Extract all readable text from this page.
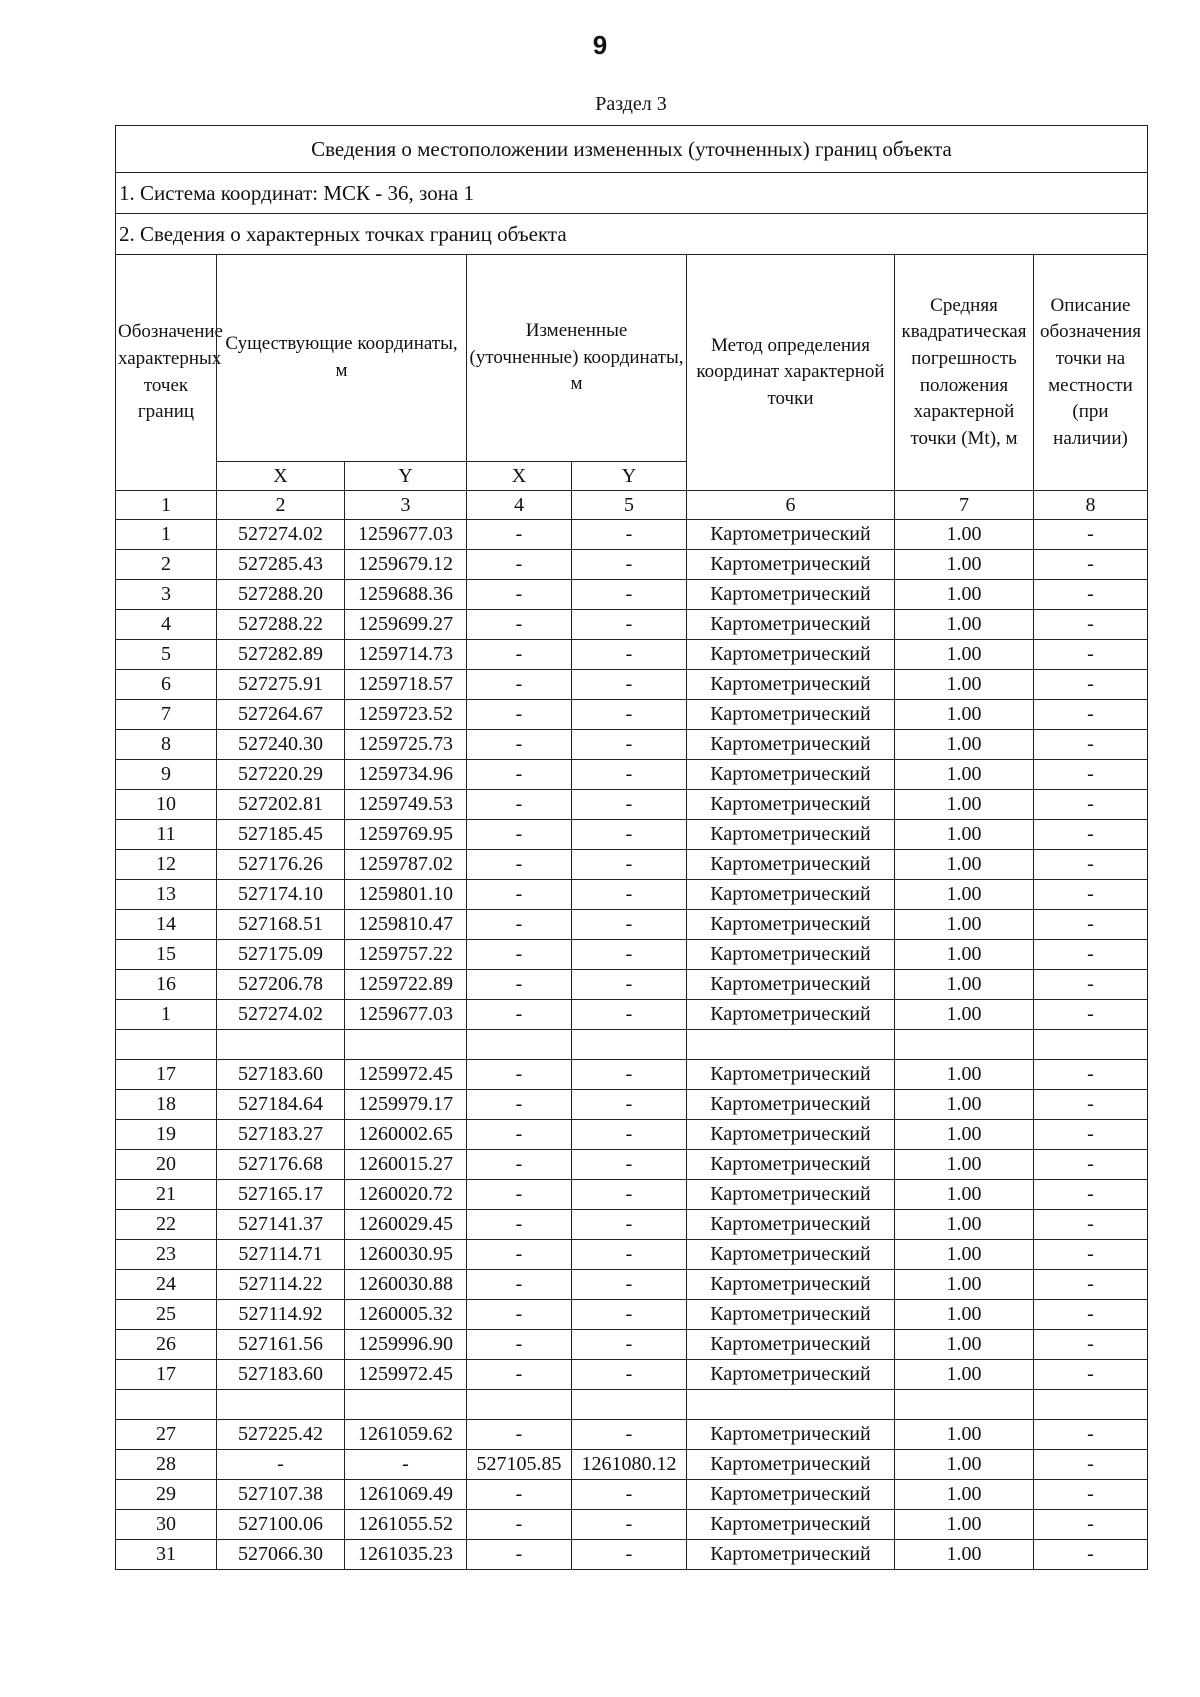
9
Раздел 3
Сведения о местоположении измененных (уточненных) границ объекта							
1. Система координат: МСК - 36, зона 1							
2. Сведения о характерных точках границ объекта							
Обозначение характерных точек границ	Существующие координаты, м		Измененные (уточненные) координаты, м		Метод определения координат характерной точки	Средняя квадратическая погрешность положения характерной точки (Mt), м	Описание обозначения точки на местности (при наличии)
	X	Y	X	Y			
1	2	3	4	5	6	7	8
1	527274.02	1259677.03	-	-	Картометрический	1.00	-
2	527285.43	1259679.12	-	-	Картометрический	1.00	-
3	527288.20	1259688.36	-	-	Картометрический	1.00	-
4	527288.22	1259699.27	-	-	Картометрический	1.00	-
5	527282.89	1259714.73	-	-	Картометрический	1.00	-
6	527275.91	1259718.57	-	-	Картометрический	1.00	-
7	527264.67	1259723.52	-	-	Картометрический	1.00	-
8	527240.30	1259725.73	-	-	Картометрический	1.00	-
9	527220.29	1259734.96	-	-	Картометрический	1.00	-
10	527202.81	1259749.53	-	-	Картометрический	1.00	-
11	527185.45	1259769.95	-	-	Картометрический	1.00	-
12	527176.26	1259787.02	-	-	Картометрический	1.00	-
13	527174.10	1259801.10	-	-	Картометрический	1.00	-
14	527168.51	1259810.47	-	-	Картометрический	1.00	-
15	527175.09	1259757.22	-	-	Картометрический	1.00	-
16	527206.78	1259722.89	-	-	Картометрический	1.00	-
1	527274.02	1259677.03	-	-	Картометрический	1.00	-

17	527183.60	1259972.45	-	-	Картометрический	1.00	-
18	527184.64	1259979.17	-	-	Картометрический	1.00	-
19	527183.27	1260002.65	-	-	Картометрический	1.00	-
20	527176.68	1260015.27	-	-	Картометрический	1.00	-
21	527165.17	1260020.72	-	-	Картометрический	1.00	-
22	527141.37	1260029.45	-	-	Картометрический	1.00	-
23	527114.71	1260030.95	-	-	Картометрический	1.00	-
24	527114.22	1260030.88	-	-	Картометрический	1.00	-
25	527114.92	1260005.32	-	-	Картометрический	1.00	-
26	527161.56	1259996.90	-	-	Картометрический	1.00	-
17	527183.60	1259972.45	-	-	Картометрический	1.00	-

27	527225.42	1261059.62	-	-	Картометрический	1.00	-
28	-	-	527105.85	1261080.12	Картометрический	1.00	-
29	527107.38	1261069.49	-	-	Картометрический	1.00	-
30	527100.06	1261055.52	-	-	Картометрический	1.00	-
31	527066.30	1261035.23	-	-	Картометрический	1.00	-
